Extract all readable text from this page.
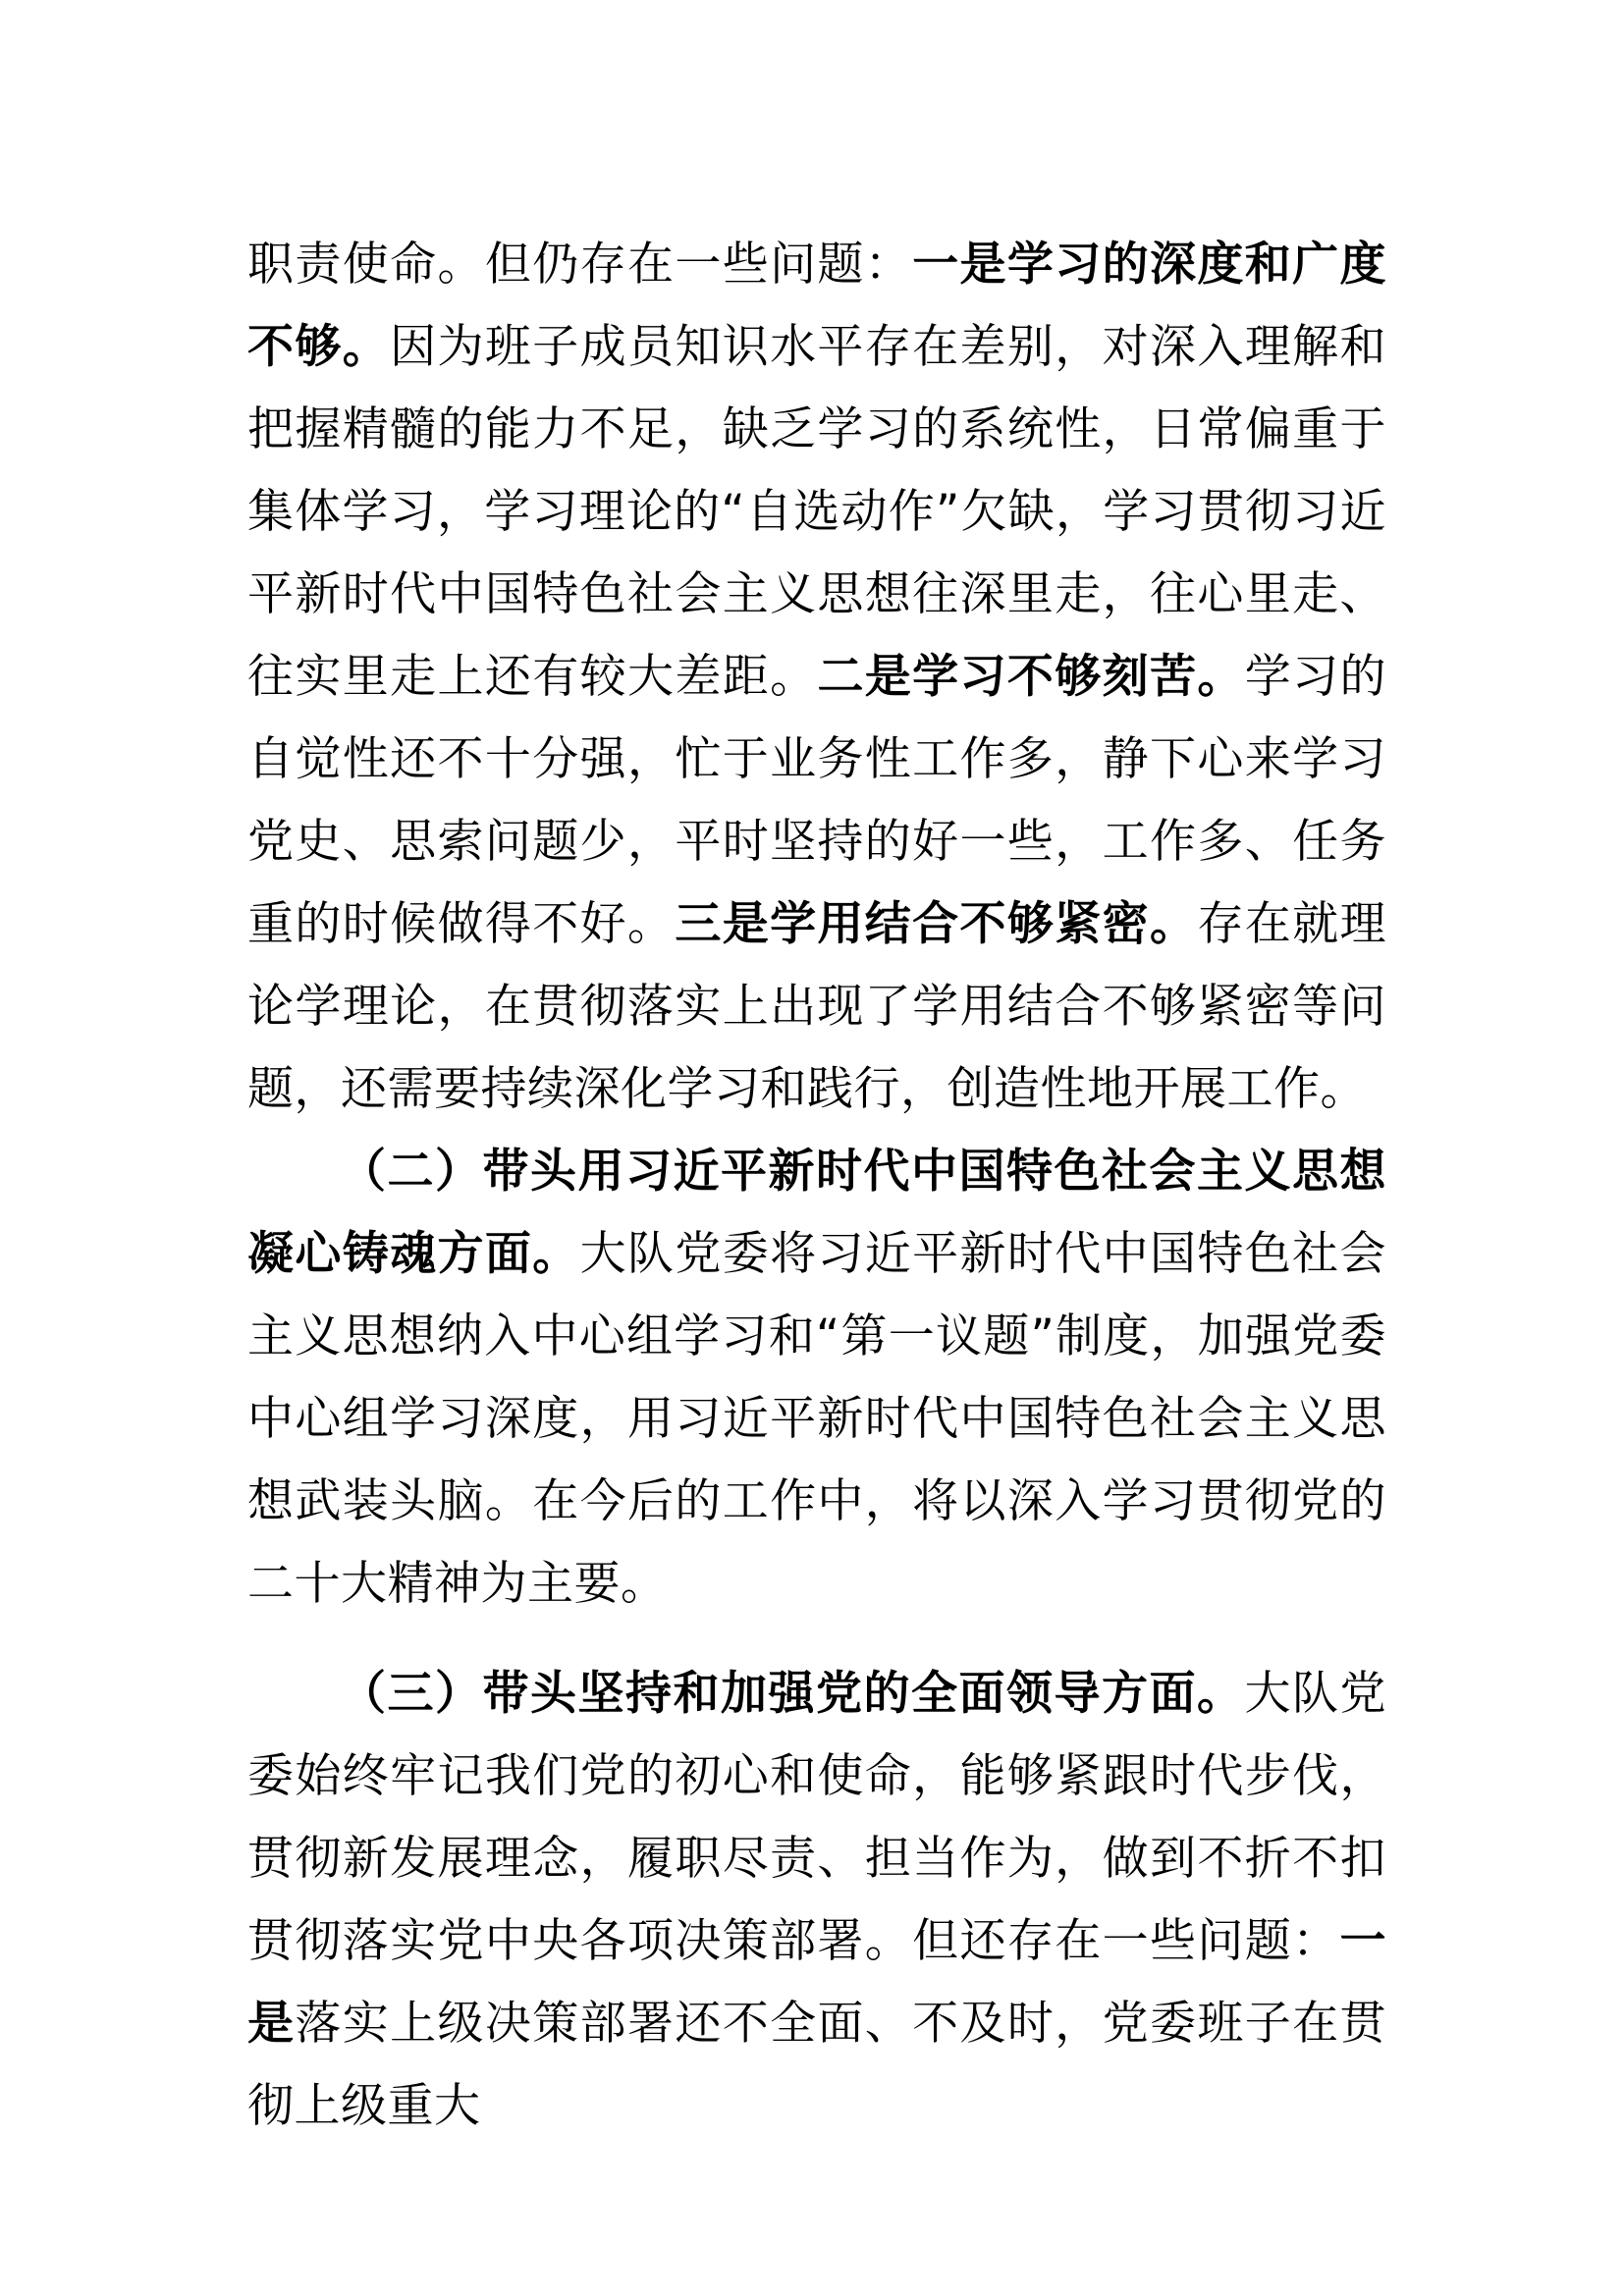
职责使命。但仍存在一些问题：一是学习的深度和广度不够。因为班子成员知识水平存在差别，对深入理解和把握精髓的能力不足，缺乏学习的系统性，日常偏重于集体学习，学习理论的“自选动作”欠缺，学习贯彻习近平新时代中国特色社会主义思想往深里走，往心里走、往实里走上还有较大差距。二是学习不够刻苦。学习的自觉性还不十分强，忙于业务性工作多，静下心来学习党史、思索问题少，平时坚持的好一些，工作多、任务重的时候做得不好。三是学用结合不够紧密。存在就理论学理论，在贯彻落实上出现了学用结合不够紧密等问题，还需要持续深化学习和践行，创造性地开展工作。

（二）带头用习近平新时代中国特色社会主义思想凝心铸魂方面。大队党委将习近平新时代中国特色社会主义思想纳入中心组学习和“第一议题”制度，加强党委中心组学习深度，用习近平新时代中国特色社会主义思想武装头脑。在今后的工作中，将以深入学习贯彻党的二十大精神为主要。

（三）带头坚持和加强党的全面领导方面。大队党委始终牢记我们党的初心和使命，能够紧跟时代步伐，贯彻新发展理念，履职尽责、担当作为，做到不折不扣贯彻落实党中央各项决策部署。但还存在一些问题：一是落实上级决策部署还不全面、不及时，党委班子在贯彻上级重大
